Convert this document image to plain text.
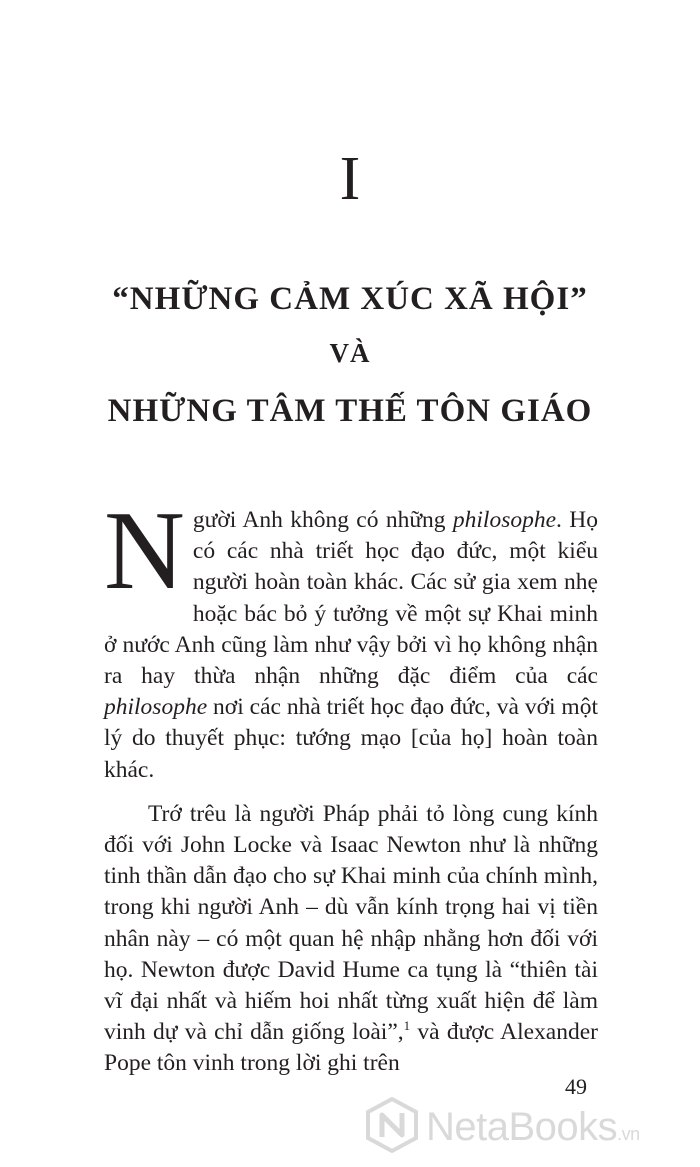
I
“NHỮNG CẢM XÚC XÃ HỘI”
VÀ
NHỮNG TÂM THẾ TÔN GIÁO

Người Anh không có những philosophe. Họ có các nhà triết học đạo đức, một kiểu người hoàn toàn khác. Các sử gia xem nhẹ hoặc bác bỏ ý tưởng về một sự Khai minh ở nước Anh cũng làm như vậy bởi vì họ không nhận ra hay thừa nhận những đặc điểm của các philosophe nơi các nhà triết học đạo đức, và với một lý do thuyết phục: tướng mạo [của họ] hoàn toàn khác.

Trớ trêu là người Pháp phải tỏ lòng cung kính đối với John Locke và Isaac Newton như là những tinh thần dẫn đạo cho sự Khai minh của chính mình, trong khi người Anh – dù vẫn kính trọng hai vị tiền nhân này – có một quan hệ nhập nhằng hơn đối với họ. Newton được David Hume ca tụng là “thiên tài vĩ đại nhất và hiếm hoi nhất từng xuất hiện để làm vinh dự và chỉ dẫn giống loài”,$^1$ và được Alexander Pope tôn vinh trong lời ghi trên

49
NetaBooks.vn
